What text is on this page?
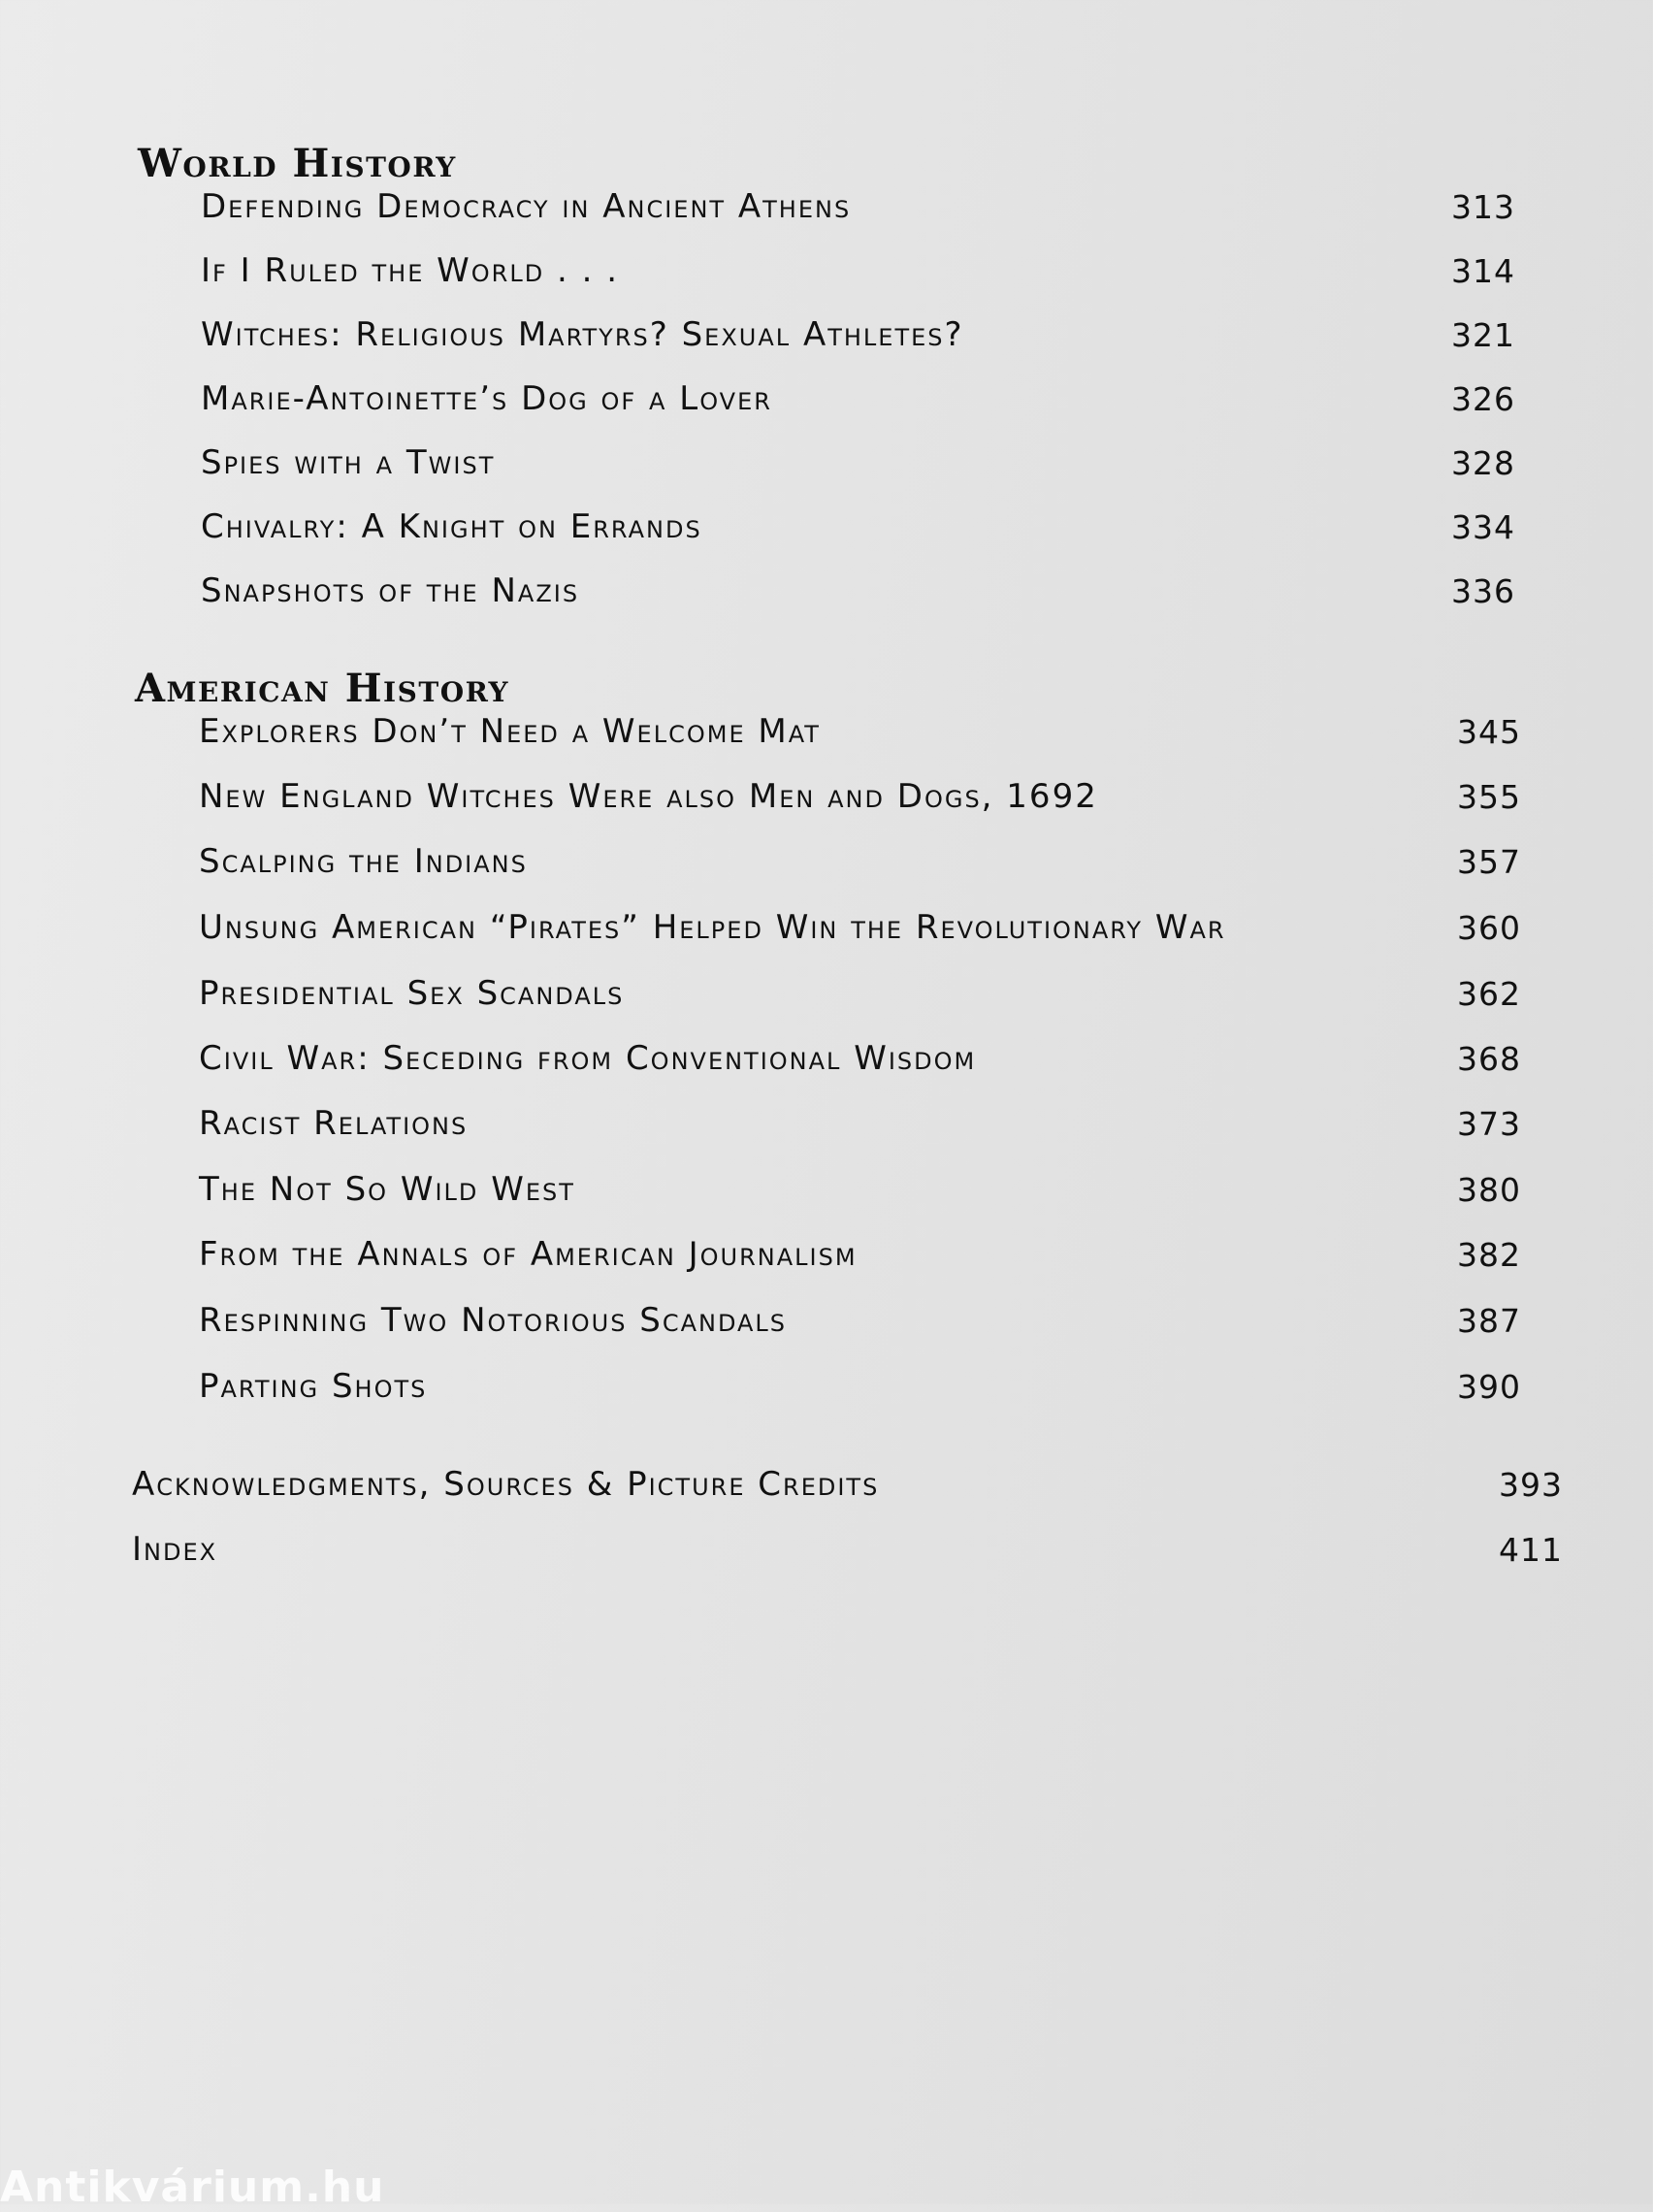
World History
Defending Democracy in Ancient Athens	313
If I Ruled the World . . .	314
Witches: Religious Martyrs? Sexual Athletes?	321
Marie-Antoinette’s Dog of a Lover	326
Spies with a Twist	328
Chivalry: A Knight on Errands	334
Snapshots of the Nazis	336
American History
Explorers Don’t Need a Welcome Mat	345
New England Witches Were also Men and Dogs, 1692	355
Scalping the Indians	357
Unsung American “Pirates” Helped Win the Revolutionary War	360
Presidential Sex Scandals	362
Civil War: Seceding from Conventional Wisdom	368
Racist Relations	373
The Not So Wild West	380
From the Annals of American Journalism	382
Respinning Two Notorious Scandals	387
Parting Shots	390
Acknowledgments, Sources & Picture Credits	393
Index	411
Antikvárium.hu
